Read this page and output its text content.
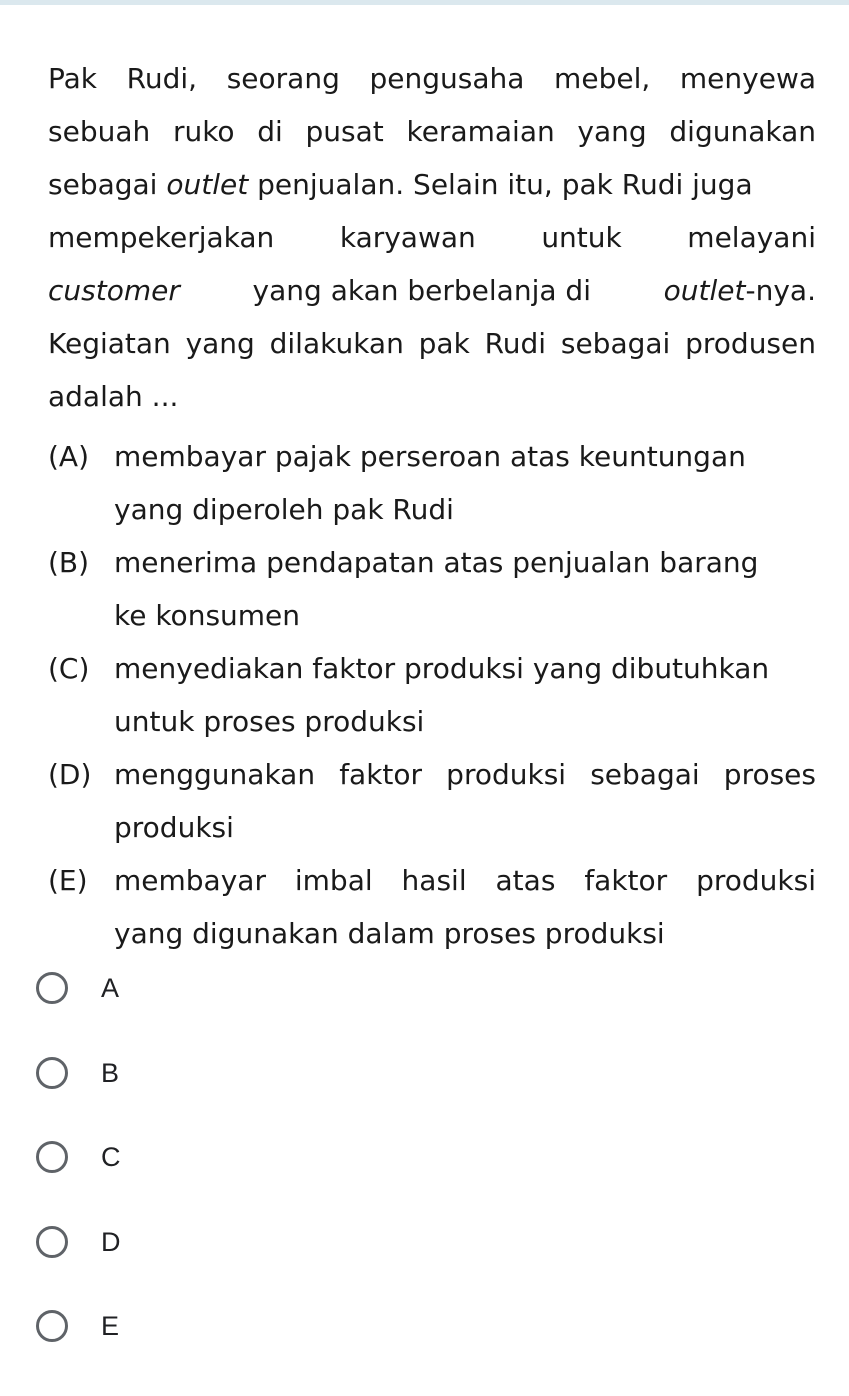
Pak Rudi, seorang pengusaha mebel, menyewa
sebuah ruko di pusat keramaian yang digunakan
sebagai outlet penjualan. Selain itu, pak Rudi juga
mempekerjakan karyawan untuk melayani
customer	yang akan berbelanja di	outlet-nya.
Kegiatan yang dilakukan pak Rudi sebagai produsen
adalah ...
(A) membayar pajak perseroan atas keuntungan
yang diperoleh pak Rudi
(B) menerima pendapatan atas penjualan barang
ke konsumen
(C) menyediakan faktor produksi yang dibutuhkan
untuk proses produksi
(D) menggunakan faktor produksi sebagai proses
produksi
(E) membayar imbal hasil atas faktor produksi
yang digunakan dalam proses produksi
A
B
C
D
E
